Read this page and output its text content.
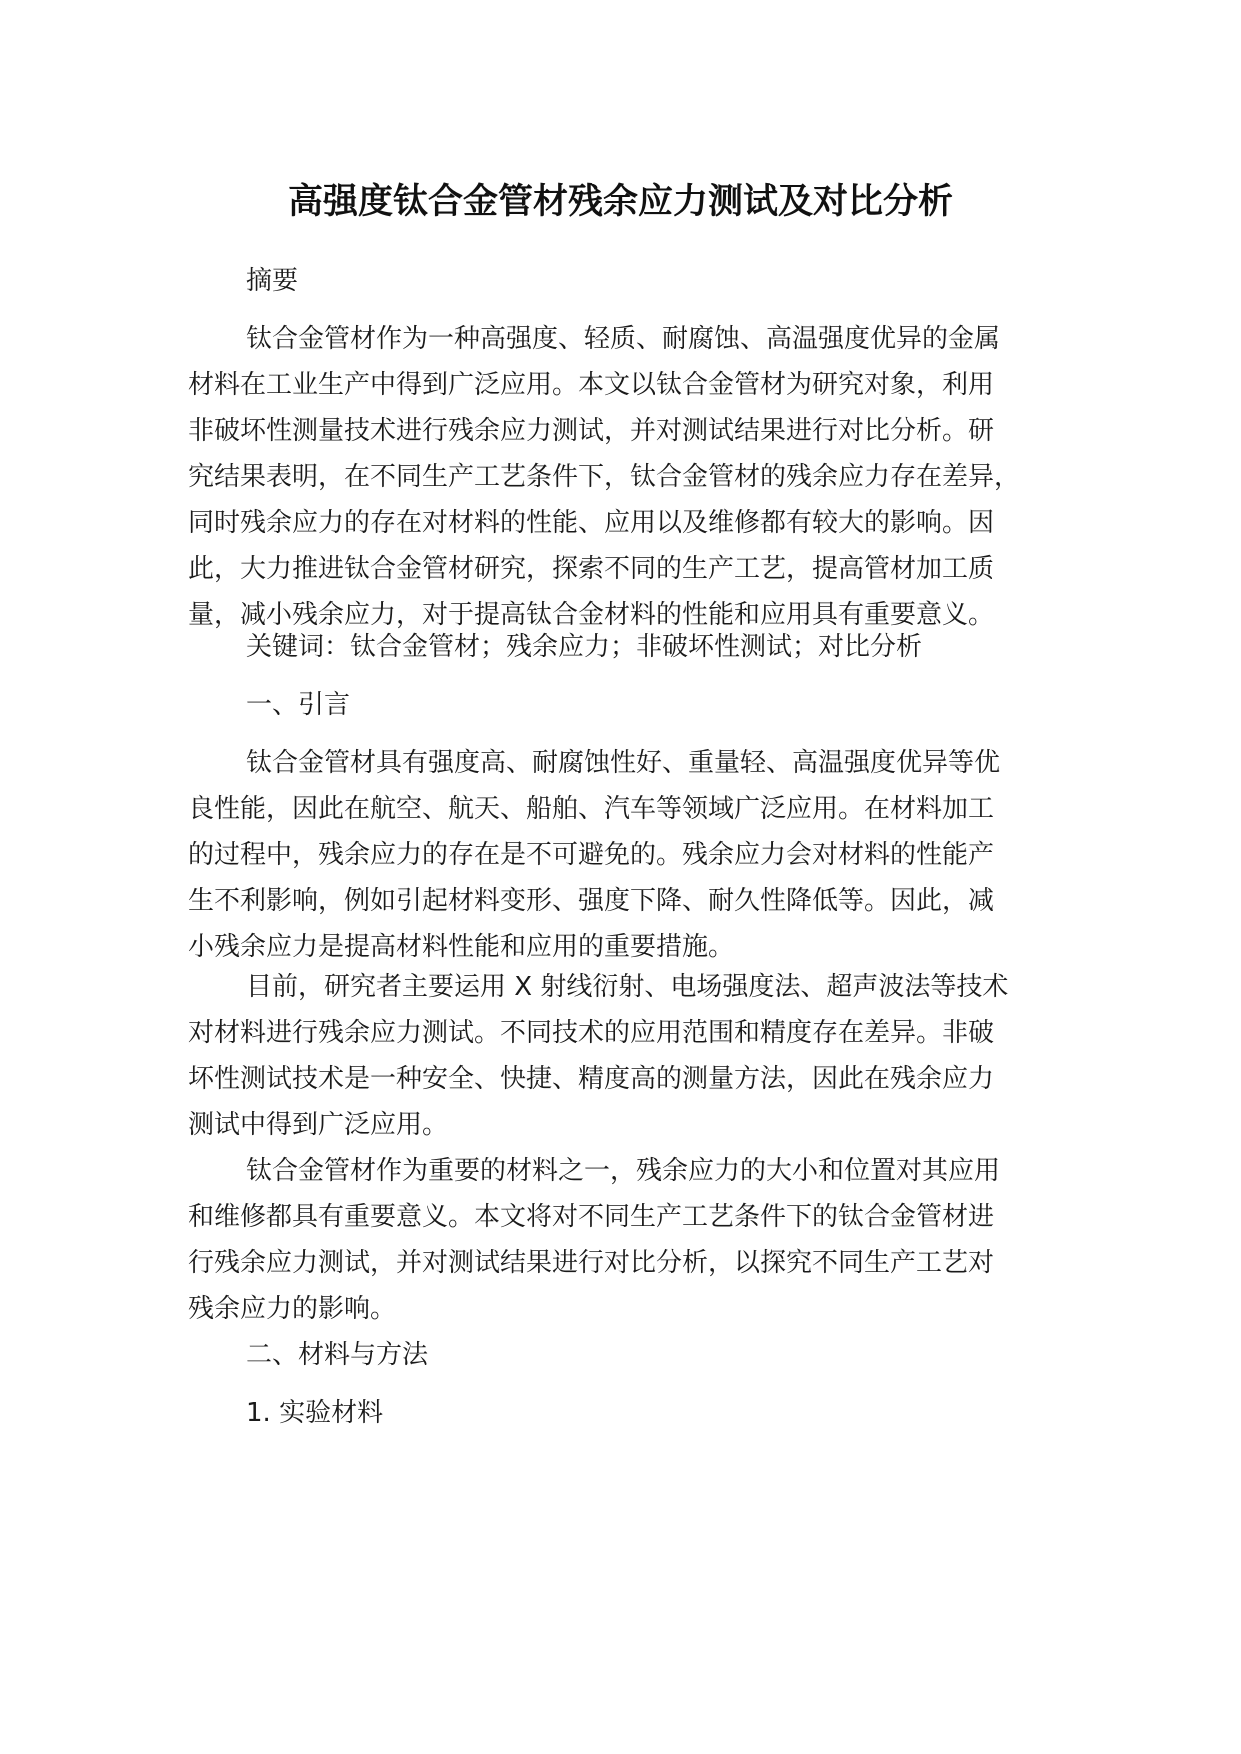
高强度钛合金管材残余应力测试及对比分析
摘要
钛合金管材作为一种高强度、轻质、耐腐蚀、高温强度优异的金属
材料在工业生产中得到广泛应用。本文以钛合金管材为研究对象，利用
非破坏性测量技术进行残余应力测试，并对测试结果进行对比分析。研
究结果表明，在不同生产工艺条件下，钛合金管材的残余应力存在差异，
同时残余应力的存在对材料的性能、应用以及维修都有较大的影响。因
此，大力推进钛合金管材研究，探索不同的生产工艺，提高管材加工质
量，减小残余应力，对于提高钛合金材料的性能和应用具有重要意义。
关键词：钛合金管材；残余应力；非破坏性测试；对比分析
一、引言
钛合金管材具有强度高、耐腐蚀性好、重量轻、高温强度优异等优
良性能，因此在航空、航天、船舶、汽车等领域广泛应用。在材料加工
的过程中，残余应力的存在是不可避免的。残余应力会对材料的性能产
生不利影响，例如引起材料变形、强度下降、耐久性降低等。因此，减
小残余应力是提高材料性能和应用的重要措施。
目前，研究者主要运用 X 射线衍射、电场强度法、超声波法等技术
对材料进行残余应力测试。不同技术的应用范围和精度存在差异。非破
坏性测试技术是一种安全、快捷、精度高的测量方法，因此在残余应力
测试中得到广泛应用。
钛合金管材作为重要的材料之一，残余应力的大小和位置对其应用
和维修都具有重要意义。本文将对不同生产工艺条件下的钛合金管材进
行残余应力测试，并对测试结果进行对比分析，以探究不同生产工艺对
残余应力的影响。
二、材料与方法
1. 实验材料
